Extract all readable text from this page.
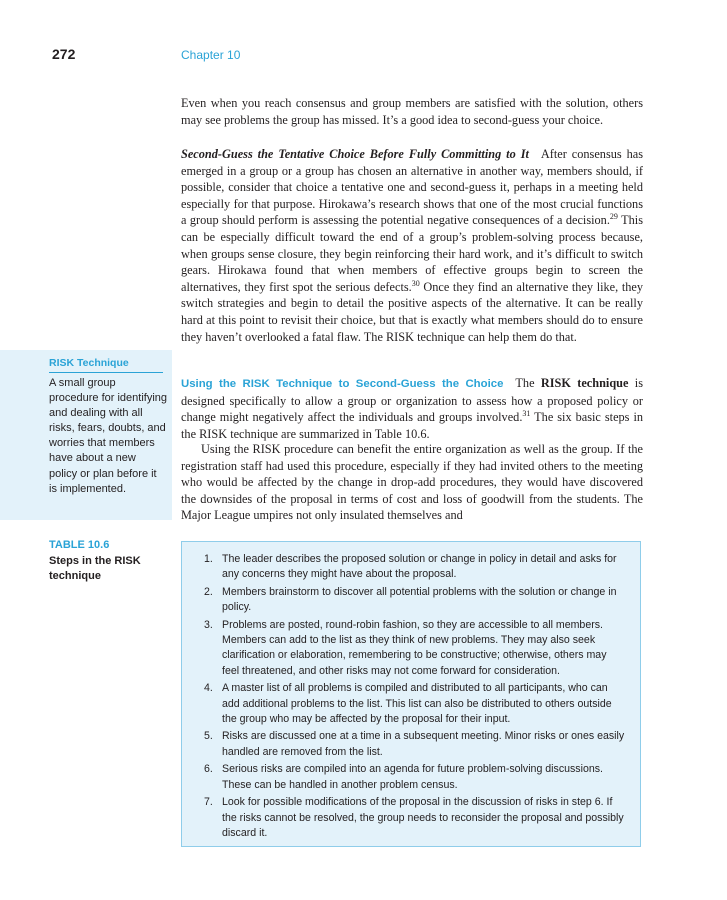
272	Chapter 10
Even when you reach consensus and group members are satisfied with the solution, others may see problems the group has missed. It’s a good idea to second-guess your choice.
Second-Guess the Tentative Choice Before Fully Committing to It After consensus has emerged in a group or a group has chosen an alternative in another way, members should, if possible, consider that choice a tentative one and second-guess it, perhaps in a meeting held especially for that purpose. Hirokawa’s research shows that one of the most crucial functions a group should perform is assessing the potential negative consequences of a decision.$^{29}$ This can be especially difficult toward the end of a group’s problem-solving process because, when groups sense closure, they begin reinforcing their hard work, and it’s difficult to switch gears. Hirokawa found that when members of effective groups begin to screen the alternatives, they first spot the serious defects.$^{30}$ Once they find an alternative they like, they switch strategies and begin to detail the positive aspects of the alternative. It can be really hard at this point to revisit their choice, but that is exactly what members should do to ensure they haven’t overlooked a fatal flaw. The RISK technique can help them do that.
RISK Technique
A small group procedure for identifying and dealing with all risks, fears, doubts, and worries that members have about a new policy or plan before it is implemented.
Using the RISK Technique to Second-Guess the Choice The RISK technique is designed specifically to allow a group or organization to assess how a proposed policy or change might negatively affect the individuals and groups involved.$^{31}$ The six basic steps in the RISK technique are summarized in Table 10.6.
Using the RISK procedure can benefit the entire organization as well as the group. If the registration staff had used this procedure, especially if they had invited others to the meeting who would be affected by the change in drop-add procedures, they would have discovered the downsides of the proposal in terms of cost and loss of goodwill from the students. The Major League umpires not only insulated themselves and
TABLE 10.6
Steps in the RISK technique
1. The leader describes the proposed solution or change in policy in detail and asks for any concerns they might have about the proposal.
2. Members brainstorm to discover all potential problems with the solution or change in policy.
3. Problems are posted, round-robin fashion, so they are accessible to all members. Members can add to the list as they think of new problems. They may also seek clarification or elaboration, remembering to be constructive; otherwise, others may feel threatened, and other risks may not come forward for consideration.
4. A master list of all problems is compiled and distributed to all participants, who can add additional problems to the list. This list can also be distributed to others outside the group who may be affected by the proposal for their input.
5. Risks are discussed one at a time in a subsequent meeting. Minor risks or ones easily handled are removed from the list.
6. Serious risks are compiled into an agenda for future problem-solving discussions. These can be handled in another problem census.
7. Look for possible modifications of the proposal in the discussion of risks in step 6. If the risks cannot be resolved, the group needs to reconsider the proposal and possibly discard it.
